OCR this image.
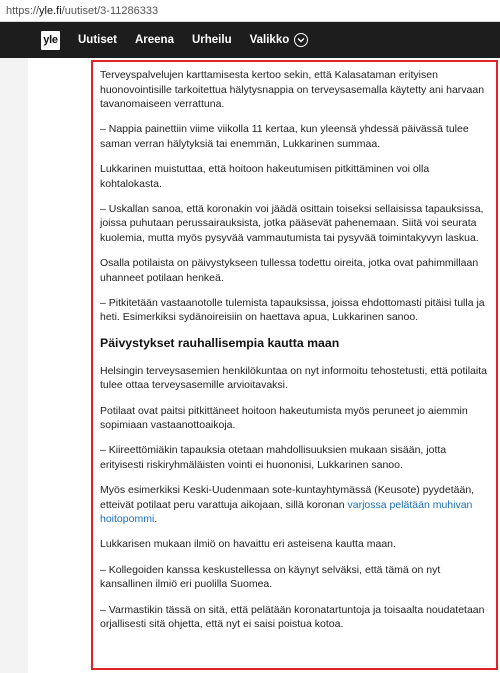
https:// yle.fi /uutiset/3-11286333
yle Uutiset Areena Urheilu Valikko

Terveyspalvelujen karttamisesta kertoo sekin, että Kalasataman erityisen huonovointisille tarkoitettua hälytysnappia on terveysasemalla käytetty ani harvaan tavanomaiseen verrattuna.

– Nappia painettiin viime viikolla 11 kertaa, kun yleensä yhdessä päivässä tulee saman verran hälytyksiä tai enemmän, Lukkarinen summaa.

Lukkarinen muistuttaa, että hoitoon hakeutumisen pitkittäminen voi olla kohtalokasta.

– Uskallan sanoa, että koronakin voi jäädä osittain toiseksi sellaisissa tapauksissa, joissa puhutaan perussairauksista, jotka pääsevät pahenemaan. Siitä voi seurata kuolemia, mutta myös pysyvää vammautumista tai pysyvää toimintakyvyn laskua.

Osalla potilaista on päivystykseen tullessa todettu oireita, jotka ovat pahimmillaan uhanneet potilaan henkeä.

– Pitkitetään vastaanotolle tulemista tapauksissa, joissa ehdottomasti pitäisi tulla ja heti. Esimerkiksi sydänoireisiin on haettava apua, Lukkarinen sanoo.

Päivystykset rauhallisempia kautta maan

Helsingin terveysasemien henkilökuntaa on nyt informoitu tehostetusti, että potilaita tulee ottaa terveysasemille arvioitavaksi.

Potilaat ovat paitsi pitkittäneet hoitoon hakeutumista myös peruneet jo aiemmin sopimiaan vastaanottoaikoja.

– Kiireettömiäkin tapauksia otetaan mahdollisuuksien mukaan sisään, jotta erityisesti riskiryhmäläisten vointi ei huononisi, Lukkarinen sanoo.

Myös esimerkiksi Keski-Uudenmaan sote-kuntayhtymässä (Keusote) pyydetään, etteivät potilaat peru varattuja aikojaan, sillä koronan varjossa pelätään muhivan hoitopommi.

Lukkarisen mukaan ilmiö on havaittu eri asteisena kautta maan.

– Kollegoiden kanssa keskustellessa on käynyt selväksi, että tämä on nyt kansallinen ilmiö eri puolilla Suomea.

– Varmastikin tässä on sitä, että pelätään koronatartuntoja ja toisaalta noudatetaan orjallisesti sitä ohjetta, että nyt ei saisi poistua kotoa.
